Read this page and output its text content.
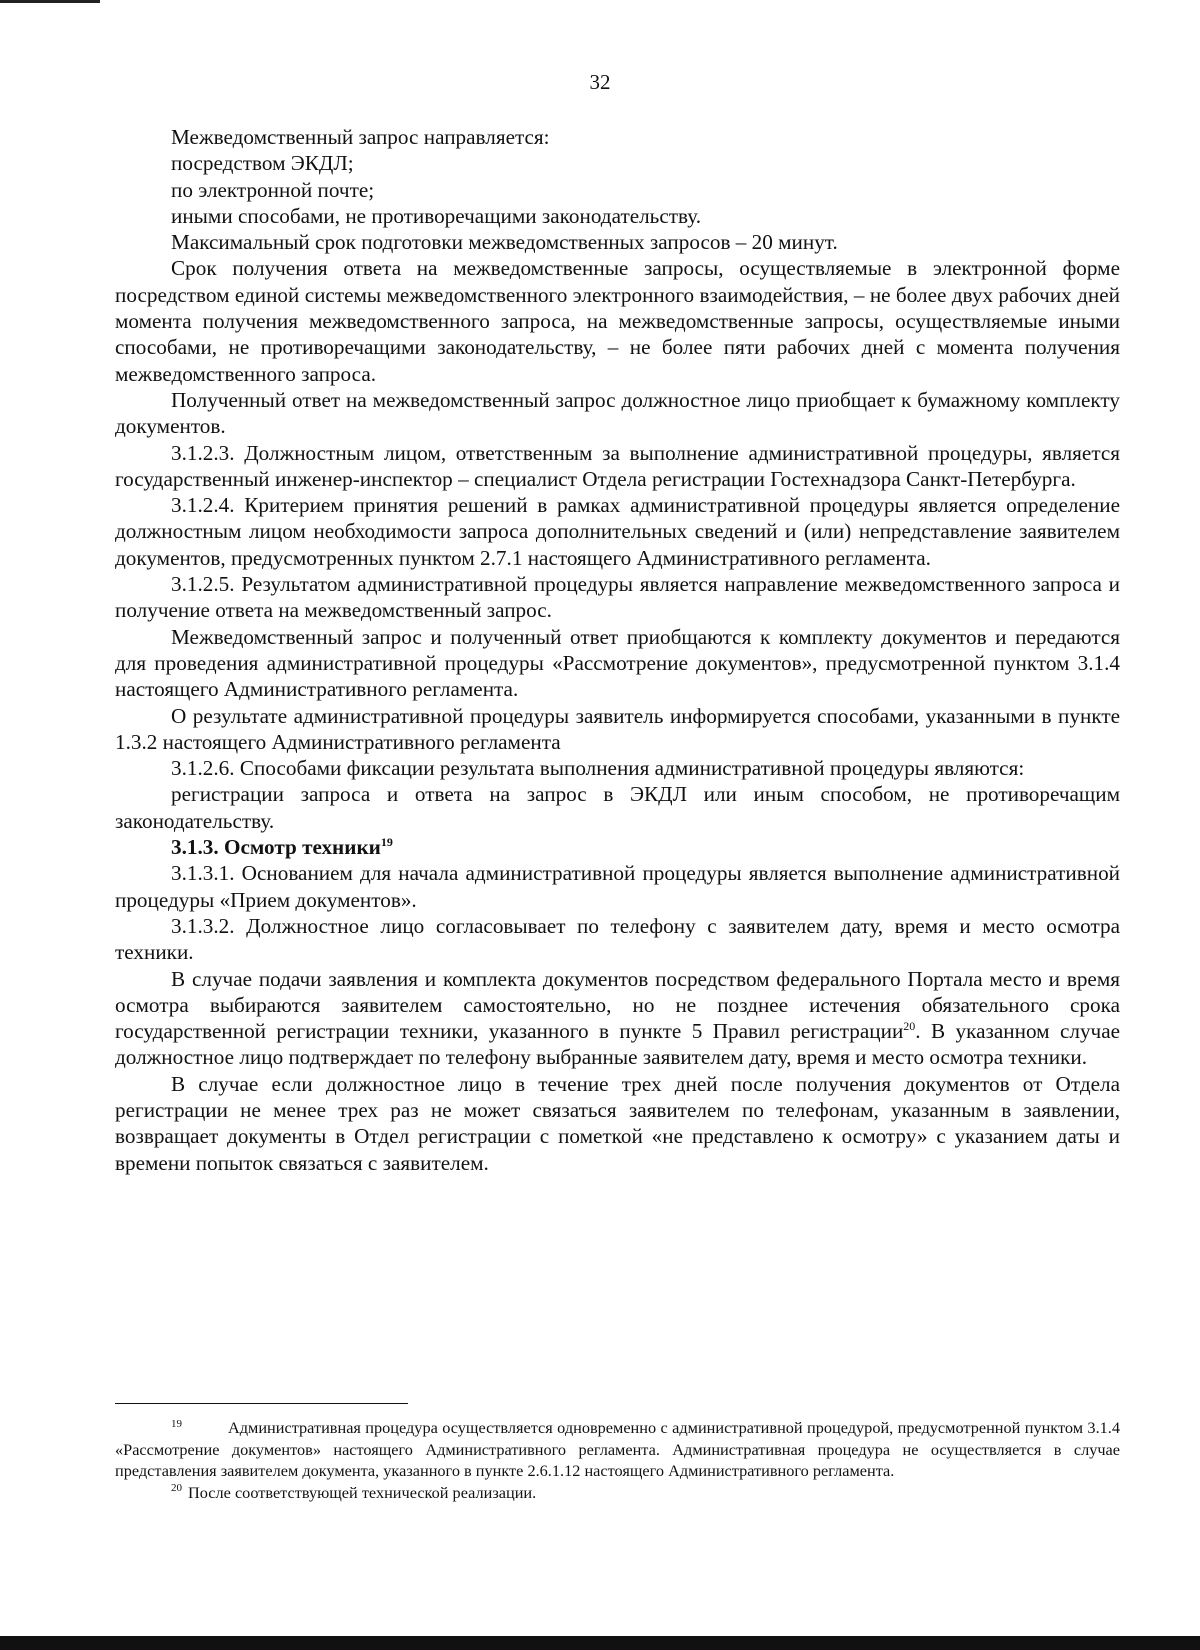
32

Межведомственный запрос направляется:

посредством ЭКДЛ;

по электронной почте;

иными способами, не противоречащими законодательству.

Максимальный срок подготовки межведомственных запросов – 20 минут.

Срок получения ответа на межведомственные запросы, осуществляемые в электронной форме посредством единой системы межведомственного электронного взаимодействия, – не более двух рабочих дней момента получения межведомственного запроса, на межведомственные запросы, осуществляемые иными способами, не противоречащими законодательству, – не более пяти рабочих дней с момента получения межведомственного запроса.

Полученный ответ на межведомственный запрос должностное лицо приобщает к бумажному комплекту документов.

3.1.2.3. Должностным лицом, ответственным за выполнение административной процедуры, является государственный инженер-инспектор – специалист Отдела регистрации Гостехнадзора Санкт-Петербурга.

3.1.2.4. Критерием принятия решений в рамках административной процедуры является определение должностным лицом необходимости запроса дополнительных сведений и (или) непредставление заявителем документов, предусмотренных пунктом 2.7.1 настоящего Административного регламента.

3.1.2.5. Результатом административной процедуры является направление межведомственного запроса и получение ответа на межведомственный запрос.

Межведомственный запрос и полученный ответ приобщаются к комплекту документов и передаются для проведения административной процедуры «Рассмотрение документов», предусмотренной пунктом 3.1.4 настоящего Административного регламента.

О результате административной процедуры заявитель информируется способами, указанными в пункте 1.3.2 настоящего Административного регламента

3.1.2.6. Способами фиксации результата выполнения административной процедуры являются:

регистрации запроса и ответа на запрос в ЭКДЛ или иным способом, не противоречащим законодательству.

3.1.3. Осмотр техники$^{19}$

3.1.3.1. Основанием для начала административной процедуры является выполнение административной процедуры «Прием документов».

3.1.3.2. Должностное лицо согласовывает по телефону с заявителем дату, время и место осмотра техники.

В случае подачи заявления и комплекта документов посредством федерального Портала место и время осмотра выбираются заявителем самостоятельно, но не позднее истечения обязательного срока государственной регистрации техники, указанного в пункте 5 Правил регистрации$^{20}$. В указанном случае должностное лицо подтверждает по телефону выбранные заявителем дату, время и место осмотра техники.

В случае если должностное лицо в течение трех дней после получения документов от Отдела регистрации не менее трех раз не может связаться заявителем по телефонам, указанным в заявлении, возвращает документы в Отдел регистрации с пометкой «не представлено к осмотру» с указанием даты и времени попыток связаться с заявителем.

$^{19}$	Административная процедура осуществляется одновременно с административной процедурой, предусмотренной пунктом 3.1.4 «Рассмотрение документов» настоящего Административного регламента. Административная процедура не осуществляется в случае представления заявителем документа, указанного в пункте 2.6.1.12 настоящего Административного регламента.

$^{20}$ После соответствующей технической реализации.
